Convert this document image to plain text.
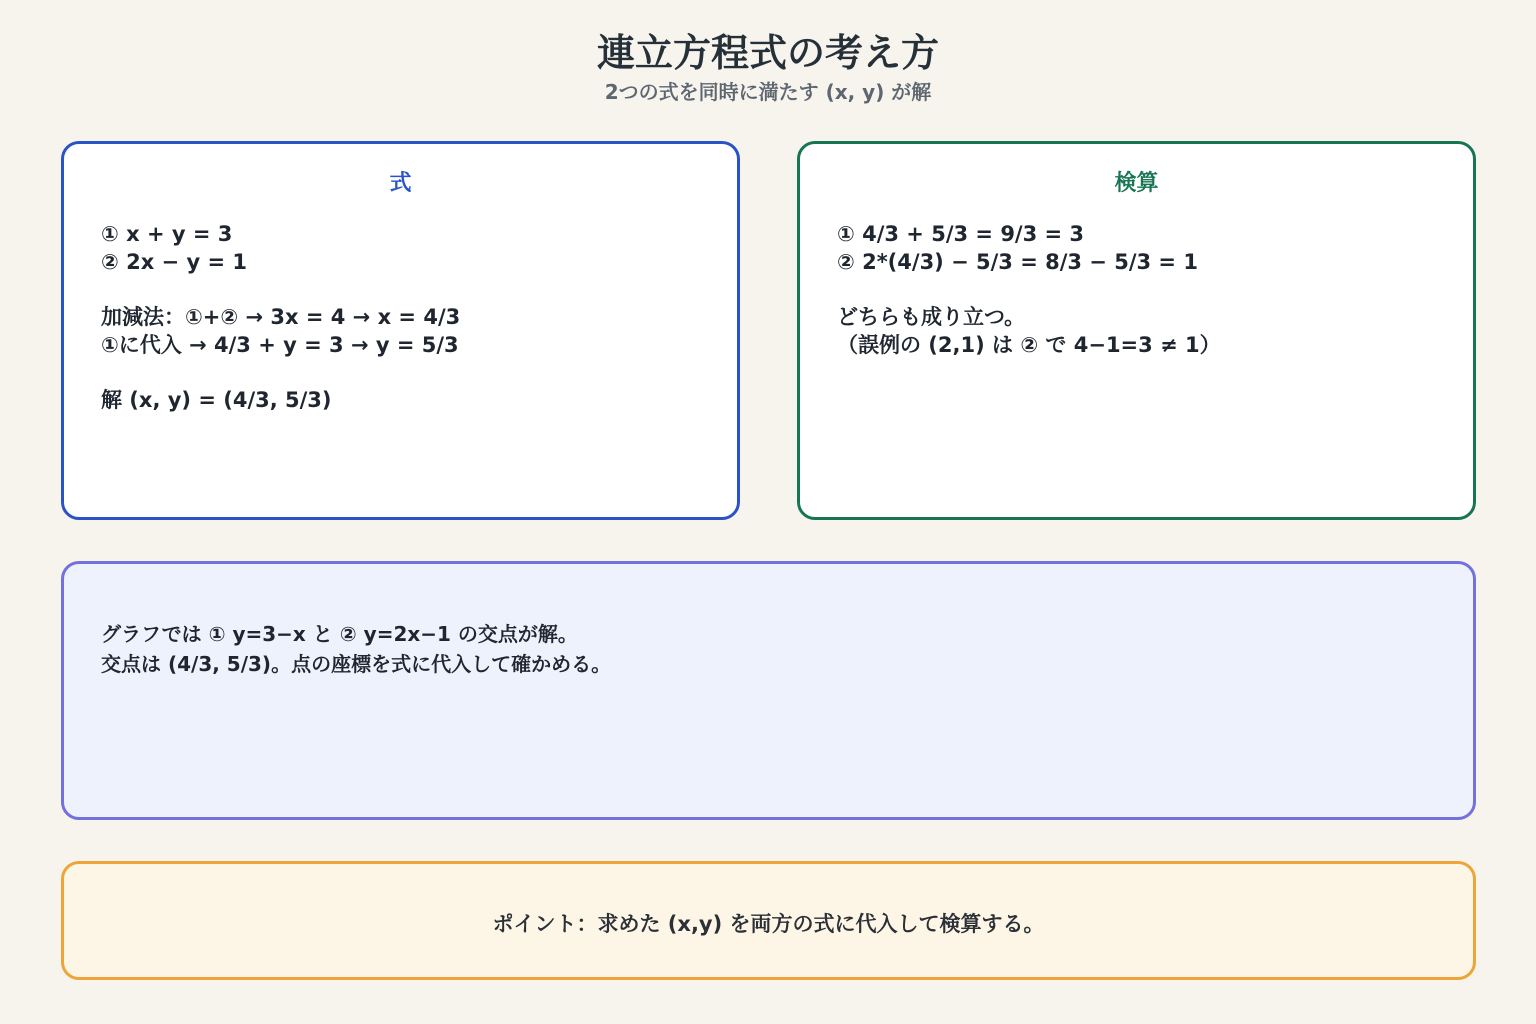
連立方程式の考え方

2つの式を同時に満たす (x, y) が解

式
① x + y = 3
② 2x − y = 1
加減法：①+② → 3x = 4 → x = 4/3
①に代入 → 4/3 + y = 3 → y = 5/3
解 (x, y) = (4/3, 5/3)
検算
① 4/3 + 5/3 = 9/3 = 3
② 2*(4/3) − 5/3 = 8/3 − 5/3 = 1
どちらも成り立つ。
（誤例の (2,1) は ② で 4−1=3 ≠ 1）
グラフでは ① y=3−x と ② y=2x−1 の交点が解。
交点は (4/3, 5/3)。点の座標を式に代入して確かめる。
ポイント：求めた (x,y) を両方の式に代入して検算する。
